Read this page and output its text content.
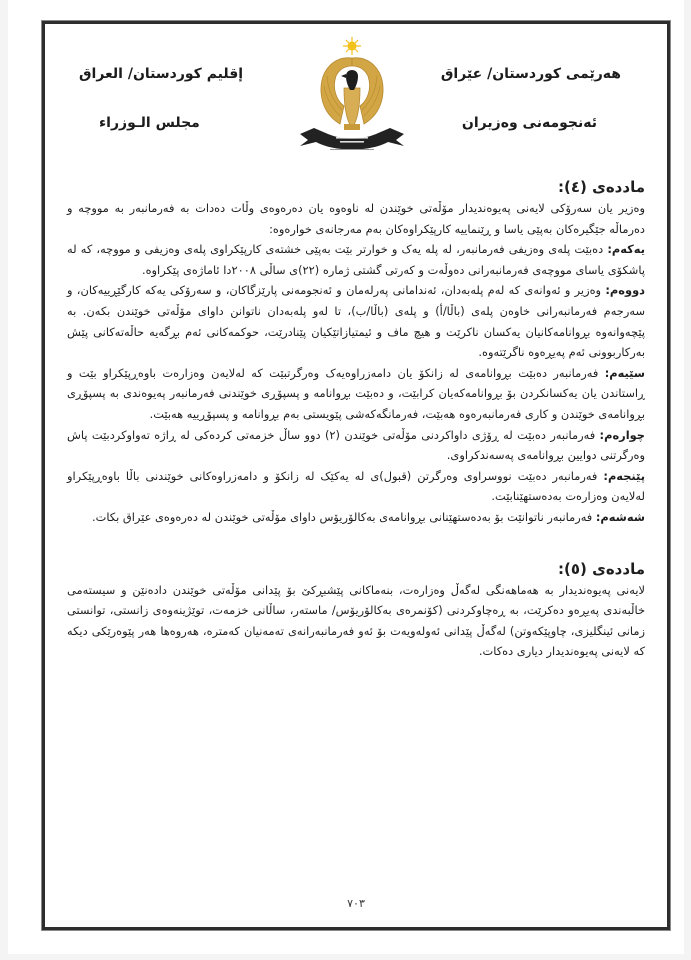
هەرێمی کوردستان/ عێراق
ئەنجومەنی وەزیران
إقليم كوردستان/ العراق
مجلس الـوزراء

ماددەی (٤):

وەزیر یان سەرۆکی لایەنی پەیوەندیدار مۆڵەتی خوێندن لە ناوەوە یان دەرەوەی وڵات دەدات بە فەرمانبەر بە مووچە و دەرماڵە جێگیرەکان بەپێی یاسا و ڕێنماییە کارپێکراوەکان بەم مەرجانەی خوارەوە:

یەکەم: دەبێت پلەی وەزیفی فەرمانبەر، لە پلە یەک و خوارتر بێت بەپێی خشتەی کارپێکراوی پلەی وەزیفی و مووچە، کە لە پاشکۆی یاسای مووچەی فەرمانبەرانی دەوڵەت و کەرتی گشتی ژمارە (٢٢)ی ساڵی ٢٠٠٨دا ئاماژەی پێکراوە.

دووەم: وەزیر و ئەوانەی کە لەم پلەبەدان، ئەندامانی پەرلەمان و ئەنجومەنی پارێزگاکان، و سەرۆکی یەکە کارگێڕییەکان، و سەرجەم فەرمانبەرانی خاوەن پلەی (باڵا/أ) و پلەی (باڵا/ب)، تا لەو پلەبەدان ناتوانن داوای مۆڵەتی خوێندن بکەن. بە پێچەوانەوە بڕوانامەکانیان یەکسان ناکرێت و هیچ ماف و ئیمتیازاتێکیان پێنادرێت، حوکمەکانی ئەم بڕگەیە حاڵەتەکانی پێش بەرکاربوونی ئەم پەیڕەوە ناگرێتەوە.

سێیەم: فەرمانبەر دەبێت بڕوانامەی لە زانکۆ یان دامەزراوەیەک وەرگرتبێت کە لەلایەن وەزارەت باوەڕپێکراو بێت و ڕاستاندن یان یەکسانکردن بۆ بڕوانامەکەیان کرابێت، و دەبێت بڕوانامە و پسپۆڕی خوێندنی فەرمانبەر پەیوەندی بە پسپۆڕی بڕوانامەی خوێندن و کاری فەرمانبەرەوە هەبێت، فەرمانگەکەشی پێویستی بەم بڕوانامە و پسپۆڕییە هەبێت.

چوارەم: فەرمانبەر دەبێت لە ڕۆژی داواکردنی مۆڵەتی خوێندن (٢) دوو ساڵ خزمەتی کردەکی لە ڕاژە تەواوکردبێت پاش وەرگرتنی دوایین بڕوانامەی پەسەندکراوی.

پێنجەم: فەرمانبەر دەبێت نووسراوی وەرگرتن (قبول)ی لە یەکێک لە زانکۆ و دامەزراوەکانی خوێندنی باڵا باوەڕپێکراو لەلایەن وەزارەت بەدەستهێنابێت.

شەشەم: فەرمانبەر ناتوانێت بۆ بەدەستهێنانی بڕوانامەی بەکالۆریۆس داوای مۆڵەتی خوێندن لە دەرەوەی عێراق بکات.

ماددەی (٥):

لایەنی پەیوەندیدار بە هەماهەنگی لەگەڵ وەزارەت، بنەماکانی پێشبڕکێ بۆ پێدانی مۆڵەتی خوێندن دادەنێن و سیستەمی خاڵبەندی پەیڕەو دەکرێت، بە ڕەچاوکردنی (کۆنمرەی بەکالۆریۆس/ ماستەر، ساڵانی خزمەت، توێژینەوەی زانستی، توانستی زمانی ئینگلیزی، چاوپێکەوتن) لەگەڵ پێدانی ئەولەویەت بۆ ئەو فەرمانبەرانەی تەمەنیان کەمترە، هەروەها هەر پێوەرێکی دیکە کە لایەنی پەیوەندیدار دیاری دەکات.

٧٠٣
